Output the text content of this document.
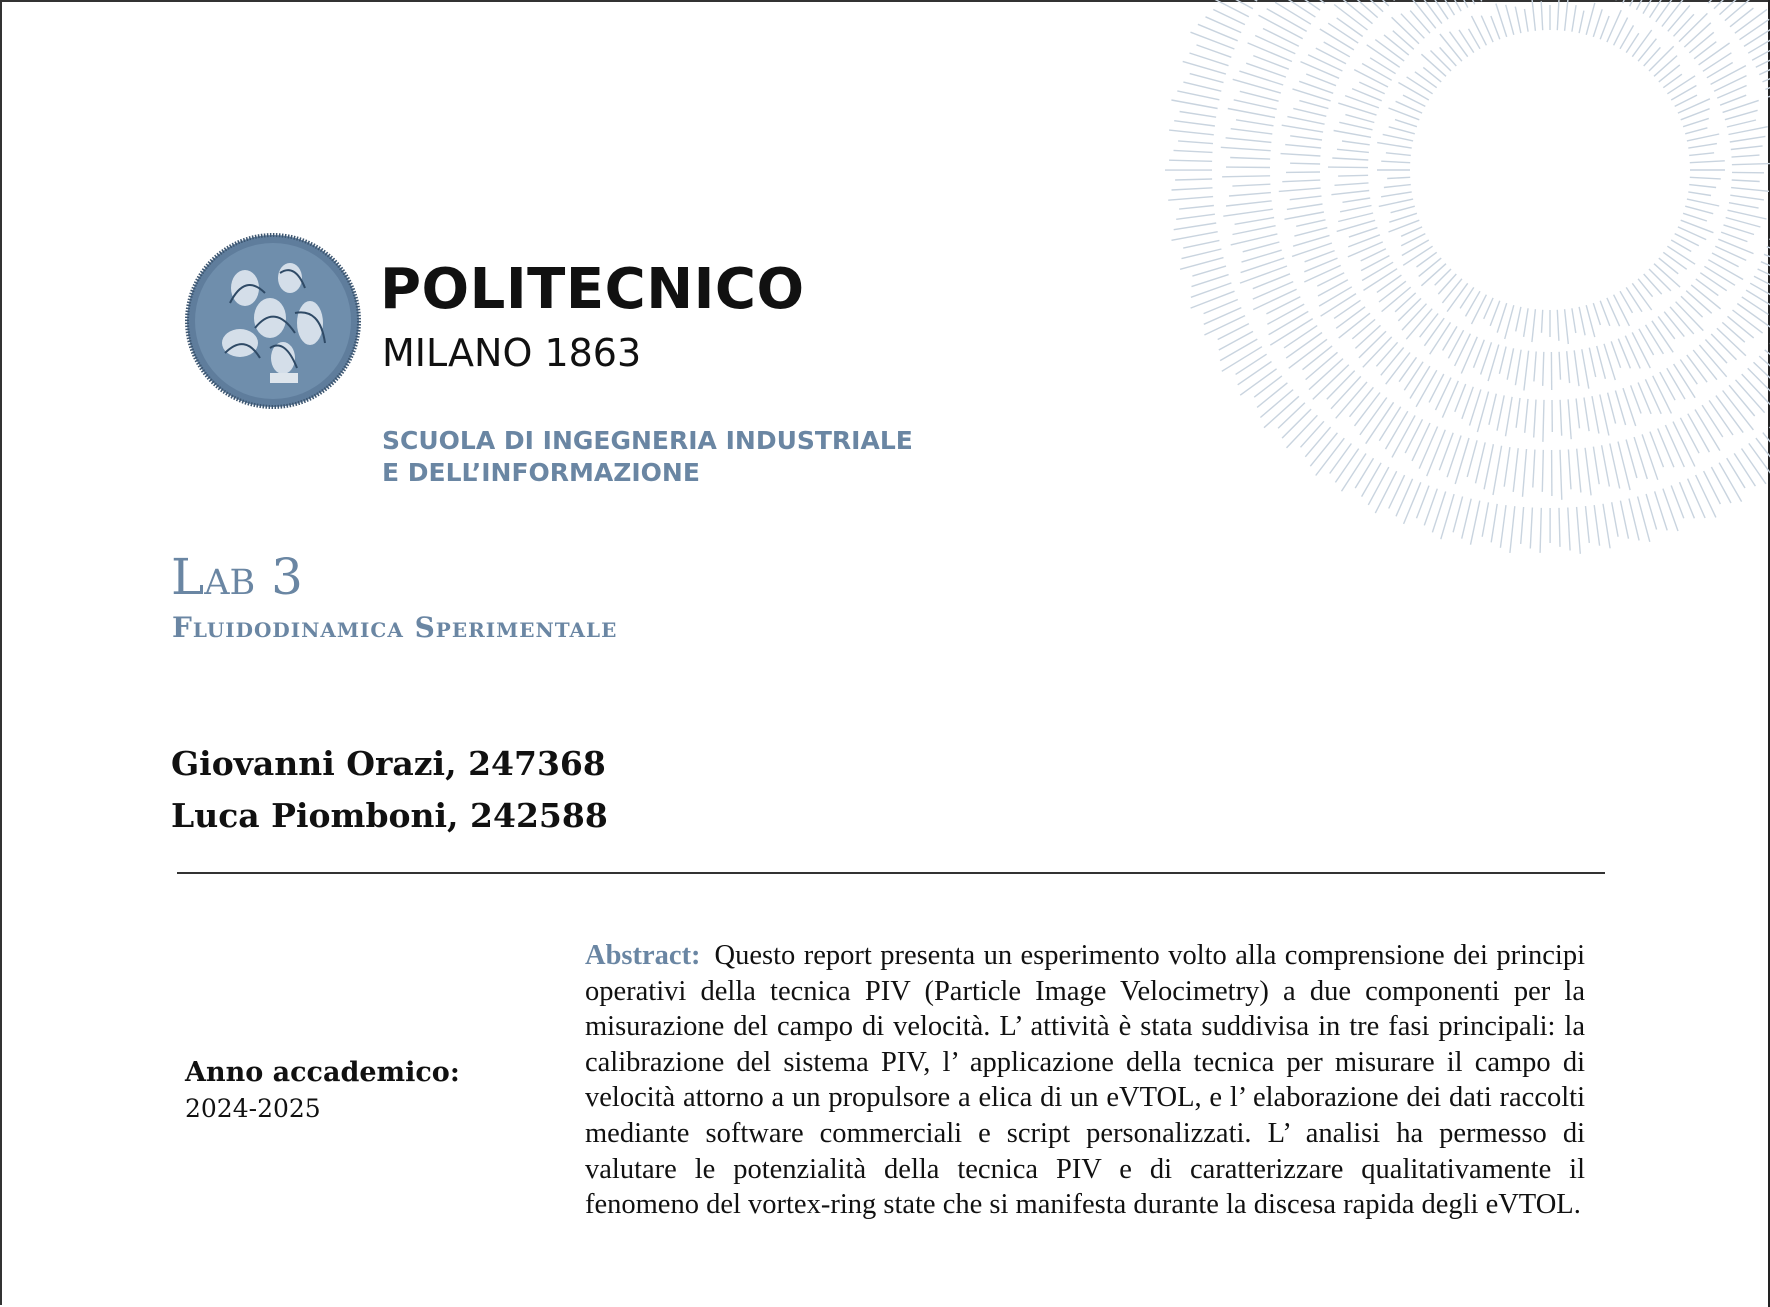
POLITECNICO
MILANO 1863
SCUOLA DI INGEGNERIA INDUSTRIALE
E DELL’INFORMAZIONE
Lab 3
Fluidodinamica Sperimentale
Giovanni Orazi, 247368
Luca Piomboni, 242588
Anno accademico:
2024-2025
Abstract: Questo report presenta un esperimento volto alla comprensione dei principi operativi della tecnica PIV (Particle Image Velocimetry) a due componenti per la misurazione del campo di velocità. L’ attività è stata suddivisa in tre fasi principali: la calibrazione del sistema PIV, l’ applicazione della tecnica per misurare il campo di velocità attorno a un propulsore a elica di un eVTOL, e l’ elaborazione dei dati raccolti mediante software commerciali e script personalizzati. L’ analisi ha permesso di valutare le potenzialità della tecnica PIV e di caratterizzare qualitativamente il fenomeno del vortex-ring state che si manifesta durante la discesa rapida degli eVTOL.
